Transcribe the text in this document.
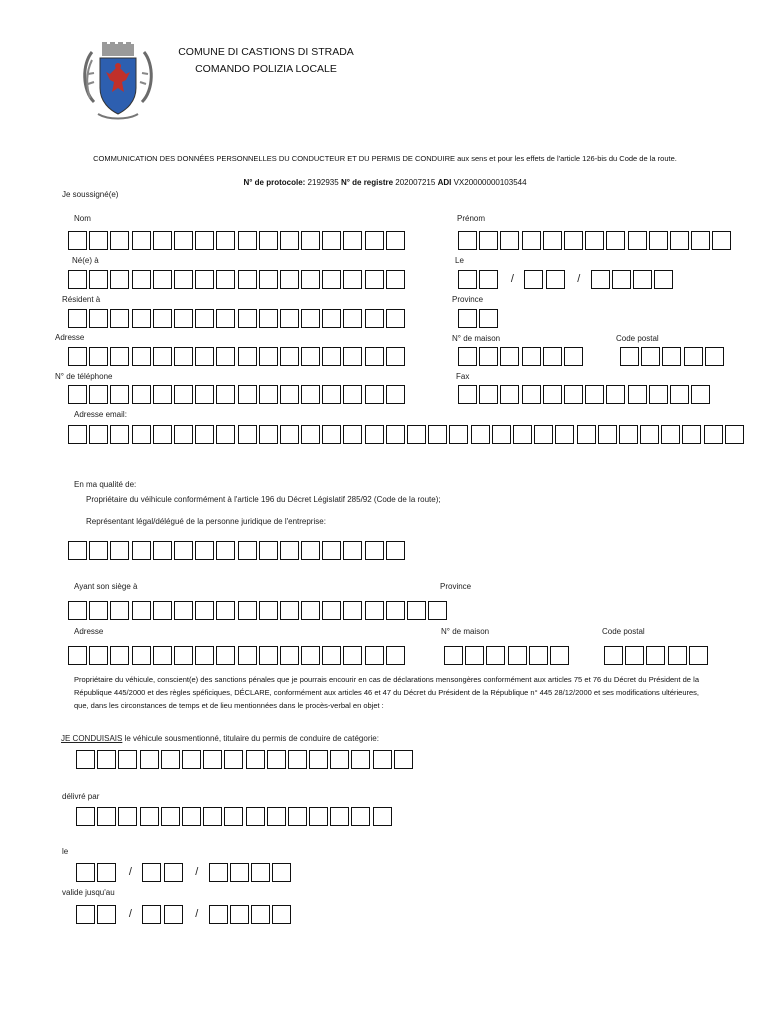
COMUNE DI CASTIONS DI STRADA
COMANDO POLIZIA LOCALE
COMMUNICATION DES DONNÉES PERSONNELLES DU CONDUCTEUR ET DU PERMIS DE CONDUIRE aux sens et pour les effets de l'article 126-bis du Code de la route.
N° de protocole: 2192935 N° de registre 202007215 ADI VX20000000103544
Je soussigné(e)
Nom	Prénom
Né(e) à	Le
/	/
Résident à	Province
Adresse	N° de maison	Code postal
N° de téléphone	Fax
Adresse email:
En ma qualité de:
Propriétaire du véihicule conformément à l'article 196 du Décret Législatif 285/92 (Code de la route);
Représentant légal/délégué de la personne juridique de l'entreprise:
Ayant son siège à	Province
Adresse	N° de maison	Code postal
Propriétaire du véhicule, conscient(e) des sanctions pénales que je pourrais encourir en cas de déclarations mensongères conformément aux articles 75 et 76 du Décret du Président de la République 445/2000 et des règles spéficiques, DÉCLARE, conformément aux articles 46 et 47 du Décret du Président de la République n° 445 28/12/2000 et ses modifications ultérieures, que, dans les circonstances de temps et de lieu mentionnées dans le procès-verbal en objet :
JE CONDUISAIS le véhicule sousmentionné, titulaire du permis de conduire de catégorie:
délivré par
le
/	/
valide jusqu'au
/	/
